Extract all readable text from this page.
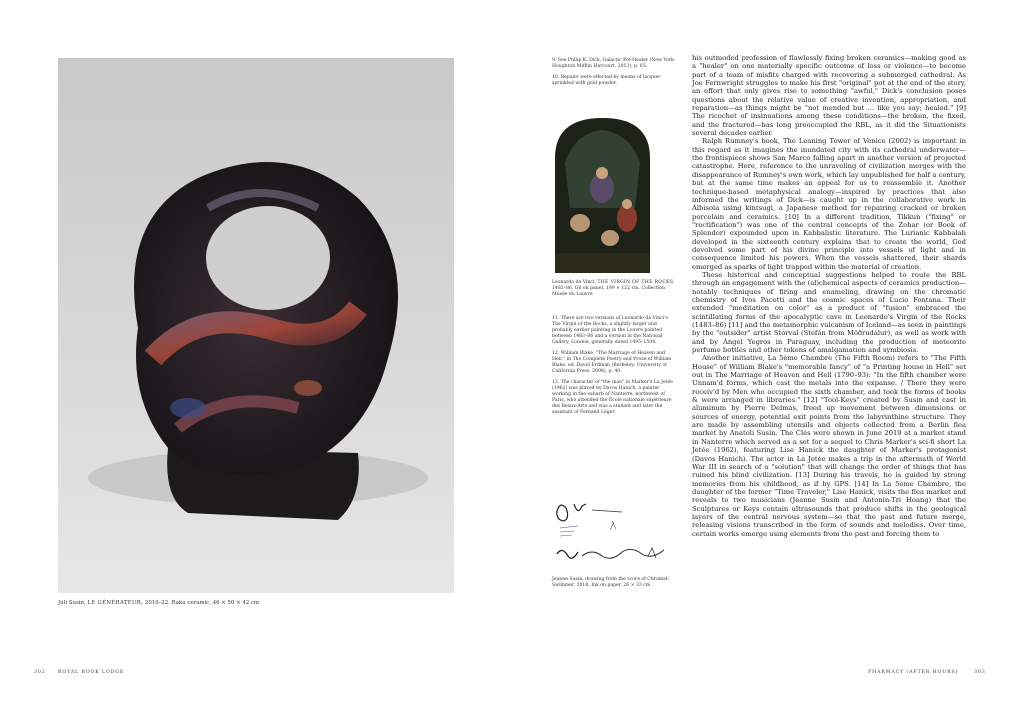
Juli Susin, LE GÉNÉRATEUR, 2019–22. Raku ceramic, 46 × 50 × 42 cm

9. See Philip K. Dick, Galactic Pot-Healer (New York: Houghton Mifflin Harcourt, 2013), p. 65.

10. Repairs were effected by means of lacquer sprinkled with gold powder.

Leonardo da Vinci, THE VIRGIN OF THE ROCKS, 1483–86. Oil on panel, 199 × 122 cm. Collection Musée du Louvre

11. There are two versions of Leonardo da Vinci's The Virgin of the Rocks, a slightly larger and probably earlier painting in the Louvre painted between 1483–86 and a version in the National Gallery, London, generally dated 1495–1508.

12. William Blake, "The Marriage of Heaven and Hell," in The Complete Poetry and Prose of William Blake, ed. David Erdman (Berkeley: University of California Press, 2008), p. 40.

13. The character of "the man" in Marker's La Jetée (1962) was played by Davos Hanich, a painter working in the suburb of Nanterre, northwest of Paris, who attended the École nationale supérieure des Beaux-Arts and was a student and later the assistant of Fernand Léger.

Jeanne Susin, drawing from the score of Chromat-Swimmer, 2018. Ink on paper, 26 × 33 cm

his outmoded profession of flawlessly fixing broken ceramics—making good as a "healer" on one materially specific outcome of loss or violence—to become part of a team of misfits charged with recovering a submerged cathedral. As Joe Fernwright struggles to make his first "original" pot at the end of the story, an effort that only gives rise to something "awful," Dick's conclusion poses questions about the relative value of creative invention, appropriation, and reparation—as things might be "not mended but ... like you say; healed." [9] The ricochet of insinuations among these conditions—the broken, the fixed, and the fractured—has long preoccupied the RBL, as it did the Situationists several decades earlier.

Ralph Rumney's book, The Leaning Tower of Venice (2002) is important in this regard as it imagines the inundated city with its cathedral underwater—the frontispiece shows San Marco falling apart in another version of projected catastrophe. Here, reference to the unraveling of civilization merges with the disappearance of Rumney's own work, which lay unpublished for half a century, but at the same time makes an appeal for us to reassemble it. Another technique-based metaphysical analogy—inspired by practices that also informed the writings of Dick—is caught up in the collaborative work in Albisola using kintsugi, a Japanese method for repairing cracked or broken porcelain and ceramics. [10] In a different tradition, Tikkun ("fixing" or "rectification") was one of the central concepts of the Zohar (or Book of Splendor) expounded upon in Kabbalistic literature. The Lurianic Kabbalah developed in the sixteenth century explains that to create the world, God devolved some part of his divine principle into vessels of light and in consequence limited his powers. When the vessels shattered, their shards emerged as sparks of light trapped within the material of creation.

These historical and conceptual suggestions helped to route the RBL through an engagement with the (al)chemical aspects of ceramics production—notably techniques of firing and enameling, drawing on the chromatic chemistry of Ivos Pacetti and the cosmic spaces of Lucio Fontana. Their extended "meditation on color" as a product of "fusion" embraced the scintillating forms of the apocalyptic cave in Leonardo's Virgin of the Rocks (1483–86) [11] and the metamorphic vulcanism of Iceland—as seen in paintings by the "outsider" artist Stórval (Stefán from Möðrudalur), as well as work with and by Ángel Yegros in Paraguay, including the production of meteorite perfume bottles and other tokens of amalgamation and symbiosis.

Another initiative, La 5ème Chambre (The Fifth Room) refers to "The Fifth House" of William Blake's "memorable fancy" of "a Printing house in Hell" set out in The Marriage of Heaven and Hell (1790–93): "In the fifth chamber were Unnam'd forms, which cast the metals into the expanse. / There they were receiv'd by Men who occupied the sixth chamber, and took the forms of books & were arranged in libraries." [12] "Tool-Keys" created by Susin and cast in aluminum by Pierre Delmas, freed up movement between dimensions or sources of energy, potential exit points from the labyrinthine structure. They are made by assembling utensils and objects collected from a Berlin flea market by Anatoli Susin. The Clés were shown in June 2019 at a market stand in Nanterre which served as a set for a sequel to Chris Marker's sci-fi short La Jetée (1962), featuring Lise Hanick the daughter of Marker's protagonist (Davos Hanich). The actor in La Jetée makes a trip in the aftermath of World War III in search of a "solution" that will change the order of things that has ruined his blind civilization. [13] During his travels, he is guided by strong memories from his childhood, as if by GPS. [14] In La 5ème Chambre, the daughter of the former "Time Traveler," Lise Hanick, visits the flea market and reveals to two musicians (Jeanne Susin and Antonin-Tri Hoang) that the Sculptures or Keys contain ultrasounds that produce shifts in the geological layers of the central nervous system—so that the past and future merge, releasing visions transcribed in the form of sounds and melodies. Over time, certain works emerge using elements from the past and forcing them to

302	ROYAL BOOK LODGE	PHARMACY (AFTER HOURS)	303
